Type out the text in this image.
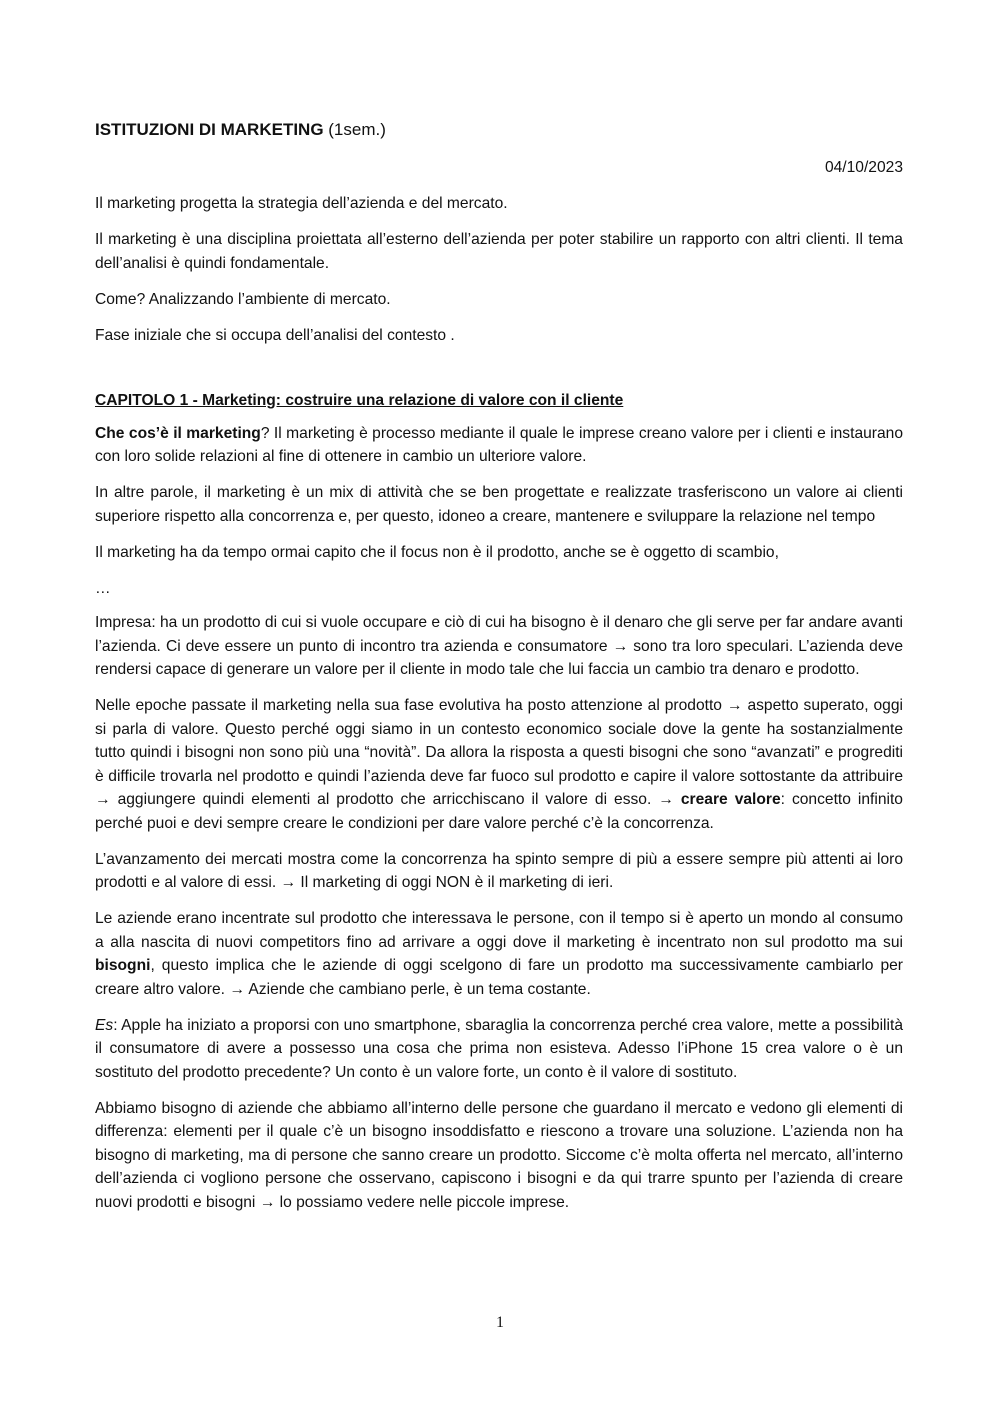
ISTITUZIONI DI MARKETING (1sem.)
04/10/2023

Il marketing progetta la strategia dell’azienda e del mercato.

Il marketing è una disciplina proiettata all’esterno dell’azienda per poter stabilire un rapporto con altri clienti. Il tema dell’analisi è quindi fondamentale.

Come? Analizzando l’ambiente di mercato.

Fase iniziale che si occupa dell’analisi del contesto .

CAPITOLO 1 - Marketing: costruire una relazione di valore con il cliente

Che cos’è il marketing? Il marketing è processo mediante il quale le imprese creano valore per i clienti e instaurano con loro solide relazioni al fine di ottenere in cambio un ulteriore valore.

In altre parole, il marketing è un mix di attività che se ben progettate e realizzate trasferiscono un valore ai clienti superiore rispetto alla concorrenza e, per questo, idoneo a creare, mantenere e sviluppare la relazione nel tempo

Il marketing ha da tempo ormai capito che il focus non è il prodotto, anche se è oggetto di scambio,

…

Impresa: ha un prodotto di cui si vuole occupare e ciò di cui ha bisogno è il denaro che gli serve per far andare avanti l’azienda. Ci deve essere un punto di incontro tra azienda e consumatore → sono tra loro speculari. L’azienda deve rendersi capace di generare un valore per il cliente in modo tale che lui faccia un cambio tra denaro e prodotto.

Nelle epoche passate il marketing nella sua fase evolutiva ha posto attenzione al prodotto → aspetto superato, oggi si parla di valore. Questo perché oggi siamo in un contesto economico sociale dove la gente ha sostanzialmente tutto quindi i bisogni non sono più una “novità”. Da allora la risposta a questi bisogni che sono “avanzati” e progrediti è difficile trovarla nel prodotto e quindi l’azienda deve far fuoco sul prodotto e capire il valore sottostante da attribuire → aggiungere quindi elementi al prodotto che arricchiscano il valore di esso. → creare valore: concetto infinito perché puoi e devi sempre creare le condizioni per dare valore perché c’è la concorrenza.

L’avanzamento dei mercati mostra come la concorrenza ha spinto sempre di più a essere sempre più attenti ai loro prodotti e al valore di essi. → Il marketing di oggi NON è il marketing di ieri.

Le aziende erano incentrate sul prodotto che interessava le persone, con il tempo si è aperto un mondo al consumo a alla nascita di nuovi competitors fino ad arrivare a oggi dove il marketing è incentrato non sul prodotto ma sui bisogni, questo implica che le aziende di oggi scelgono di fare un prodotto ma successivamente cambiarlo per creare altro valore. → Aziende che cambiano perle, è un tema costante.

Es: Apple ha iniziato a proporsi con uno smartphone, sbaraglia la concorrenza perché crea valore, mette a possibilità il consumatore di avere a possesso una cosa che prima non esisteva. Adesso l’iPhone 15 crea valore o è un sostituto del prodotto precedente? Un conto è un valore forte, un conto è il valore di sostituto.

Abbiamo bisogno di aziende che abbiamo all’interno delle persone che guardano il mercato e vedono gli elementi di differenza: elementi per il quale c’è un bisogno insoddisfatto e riescono a trovare una soluzione. L’azienda non ha bisogno di marketing, ma di persone che sanno creare un prodotto. Siccome c’è molta offerta nel mercato, all’interno dell’azienda ci vogliono persone che osservano, capiscono i bisogni e da qui trarre spunto per l’azienda di creare nuovi prodotti e bisogni → lo possiamo vedere nelle piccole imprese.

1
